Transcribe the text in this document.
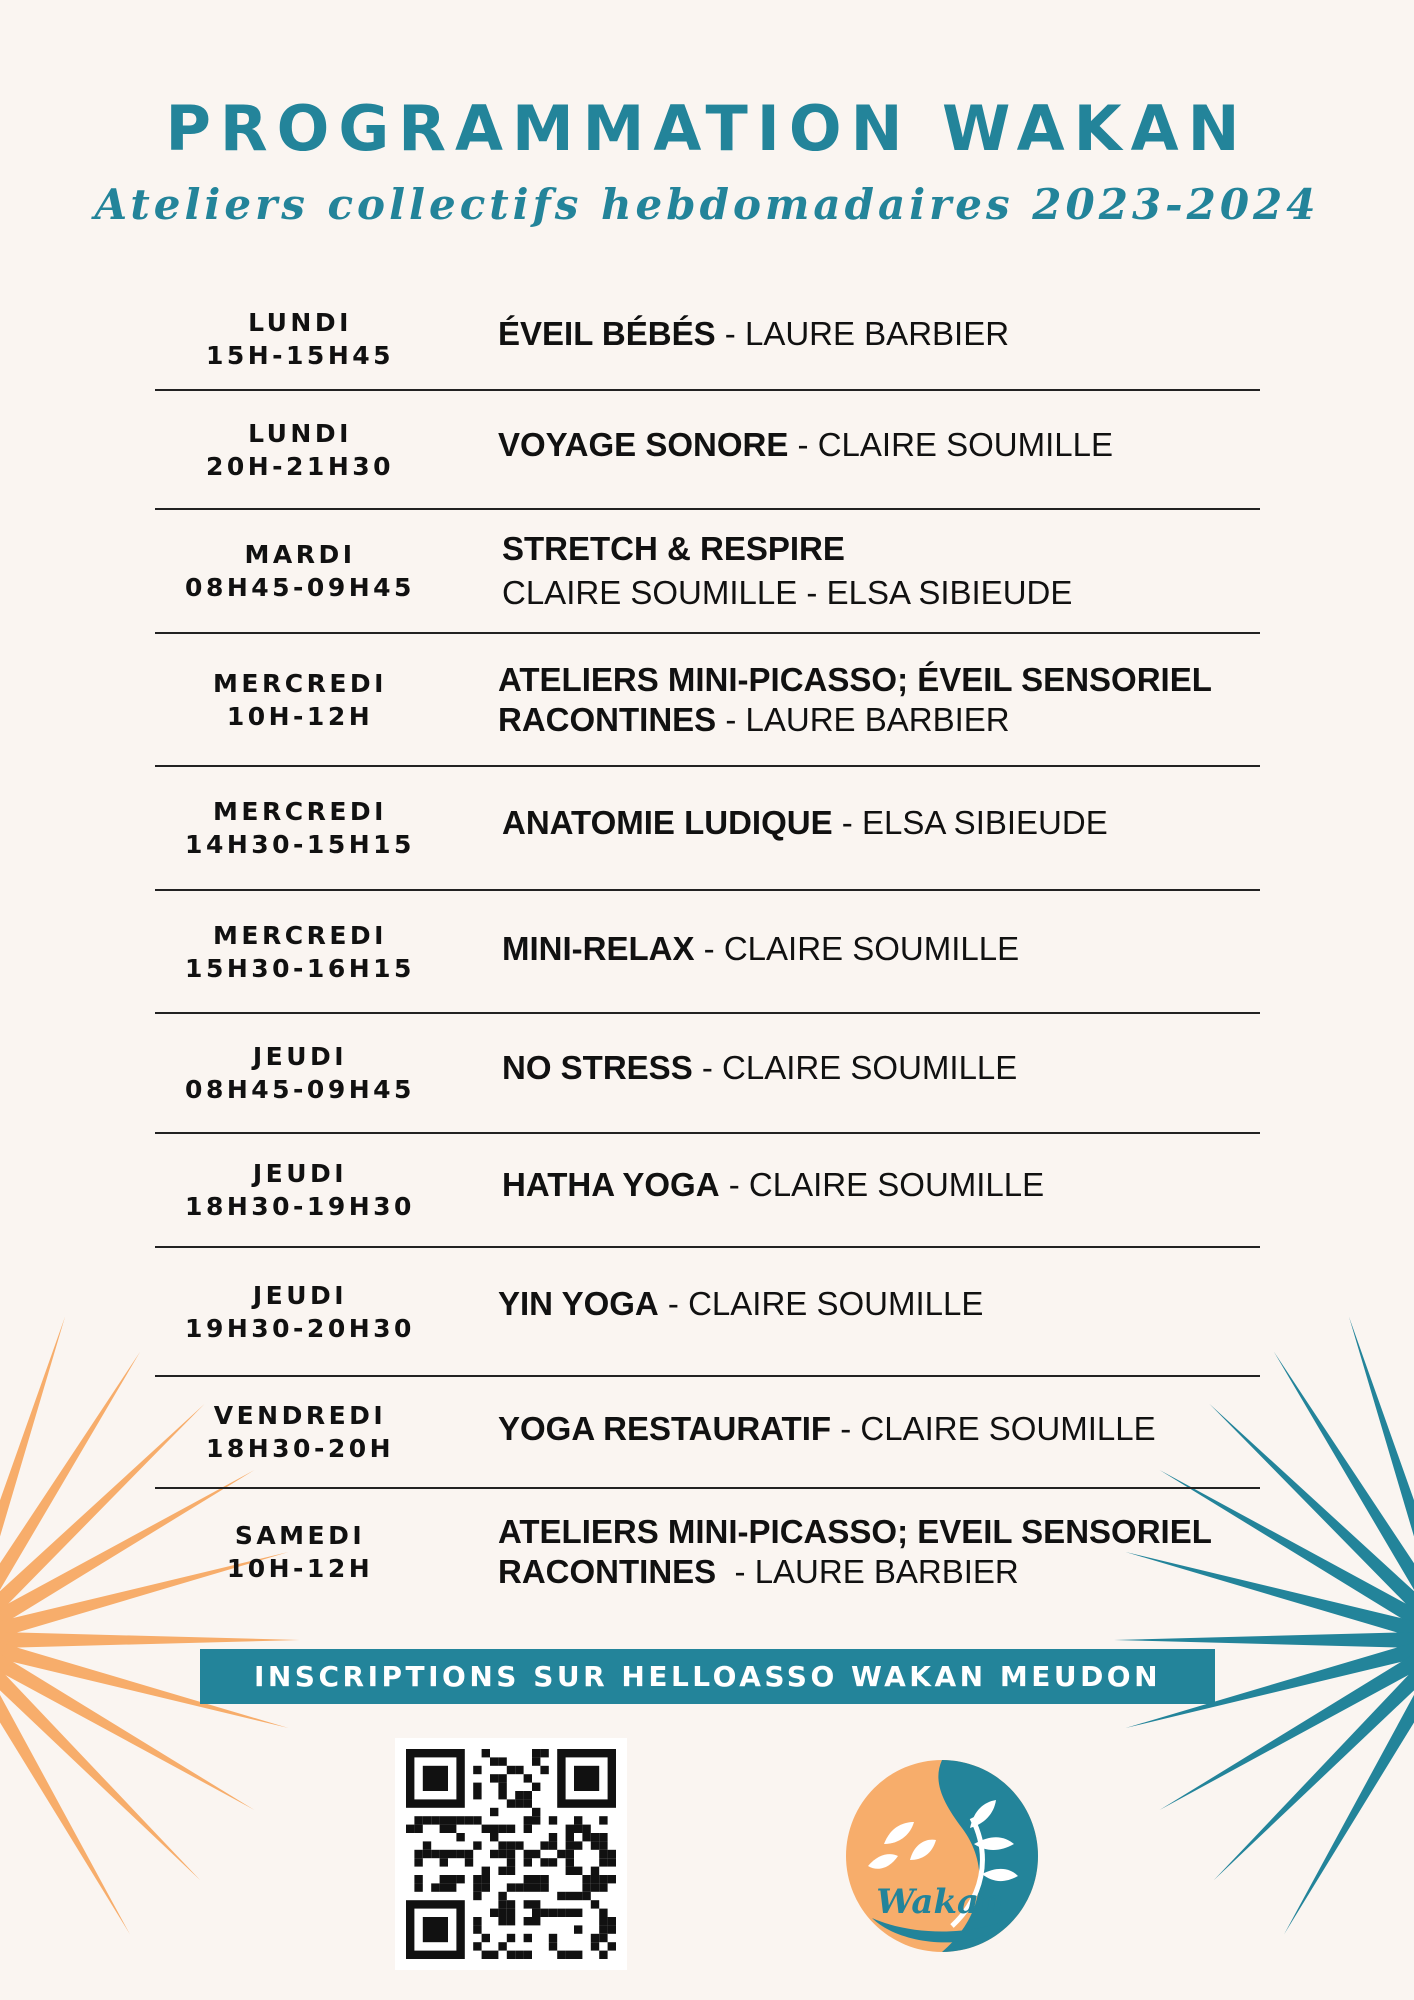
PROGRAMMATION WAKAN
Ateliers collectifs hebdomadaires 2023-2024
LUNDI
15H-15H45
ÉVEIL BÉBÉS - LAURE BARBIER
LUNDI
20H-21H30
VOYAGE SONORE - CLAIRE SOUMILLE
MARDI
08H45-09H45
STRETCH & RESPIRE
CLAIRE SOUMILLE - ELSA SIBIEUDE
MERCREDI
10H-12H
ATELIERS MINI-PICASSO; ÉVEIL SENSORIEL
RACONTINES - LAURE BARBIER
MERCREDI
14H30-15H15
ANATOMIE LUDIQUE - ELSA SIBIEUDE
MERCREDI
15H30-16H15
MINI-RELAX - CLAIRE SOUMILLE
JEUDI
08H45-09H45
NO STRESS - CLAIRE SOUMILLE
JEUDI
18H30-19H30
HATHA YOGA - CLAIRE SOUMILLE
JEUDI
19H30-20H30
YIN YOGA - CLAIRE SOUMILLE
VENDREDI
18H30-20H
YOGA RESTAURATIF - CLAIRE SOUMILLE
SAMEDI
10H-12H
ATELIERS MINI-PICASSO; EVEIL SENSORIEL
RACONTINES  - LAURE BARBIER
INSCRIPTIONS SUR HELLOASSO WAKAN MEUDON
Wakan
